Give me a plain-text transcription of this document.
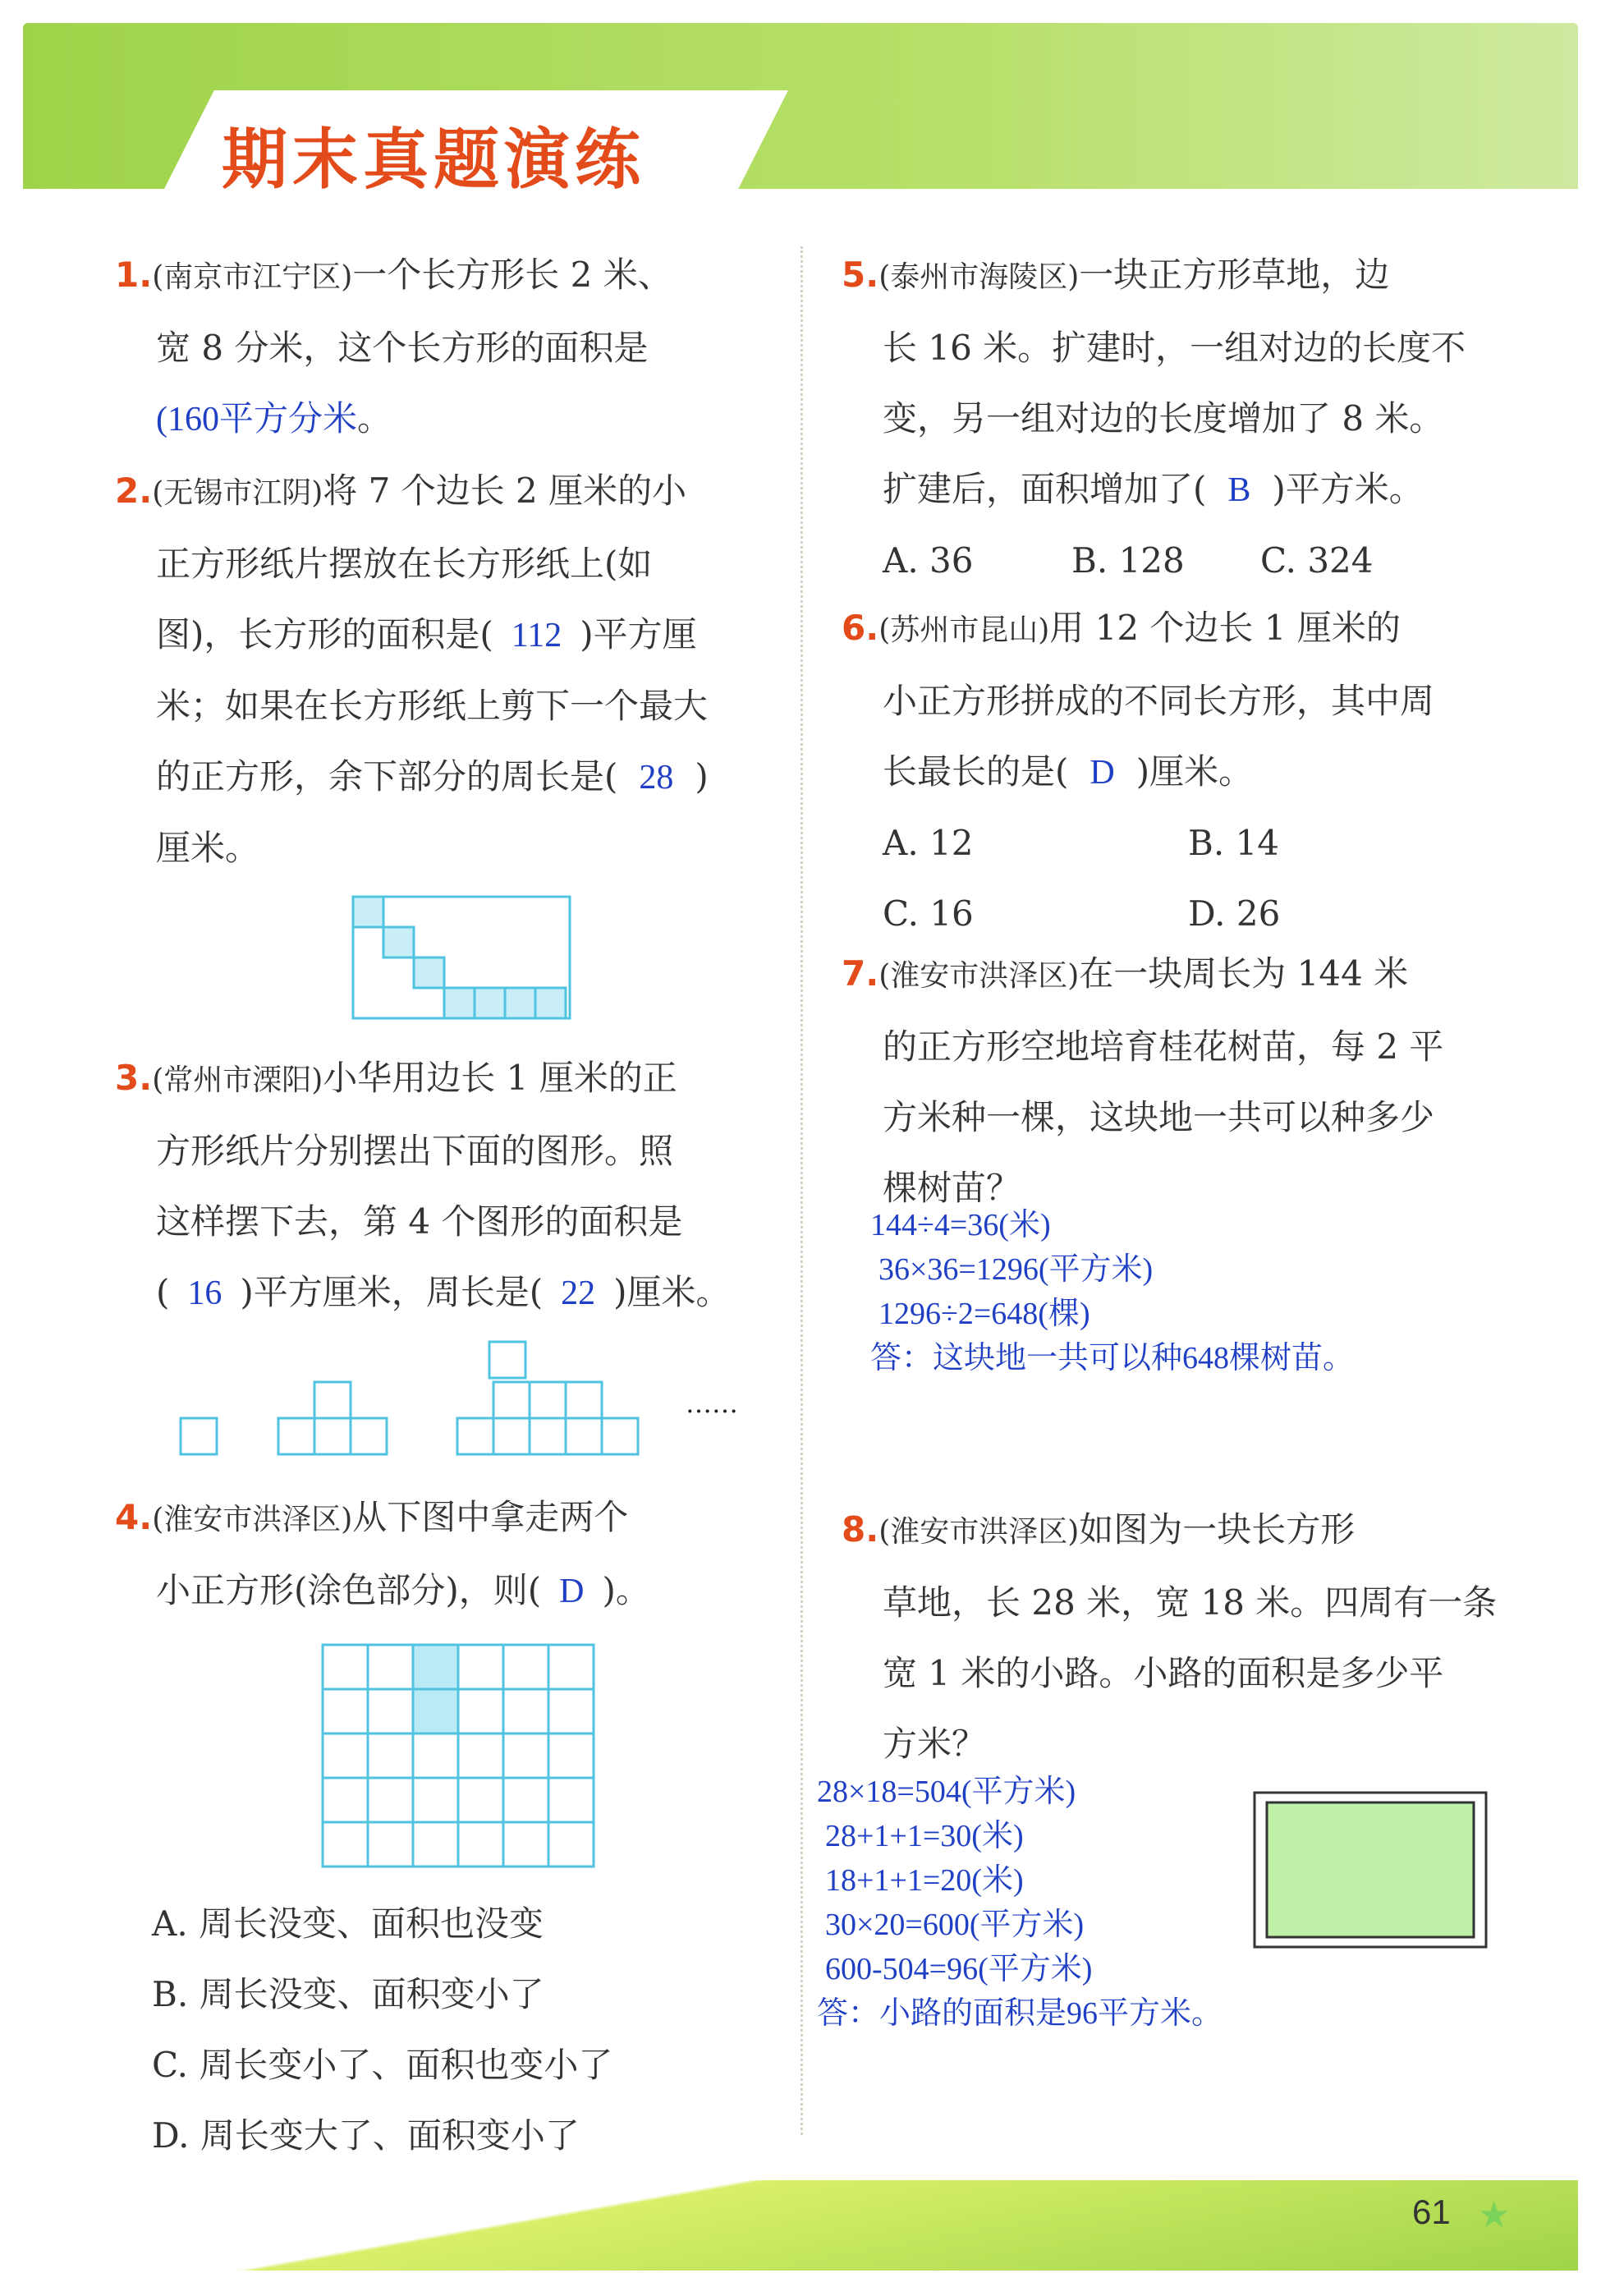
期末真题演练
1.(南京市江宁区)一个长方形长 2 米、
宽 8 分米，这个长方形的面积是
(160平方分米。
2.(无锡市江阴)将 7 个边长 2 厘米的小
正方形纸片摆放在长方形纸上(如
图)，长方形的面积是( 112 )平方厘
米；如果在长方形纸上剪下一个最大
的正方形，余下部分的周长是( 28 )
厘米。
3.(常州市溧阳)小华用边长 1 厘米的正
方形纸片分别摆出下面的图形。照
这样摆下去，第 4 个图形的面积是
( 16 )平方厘米，周长是( 22 )厘米。
……
4.(淮安市洪泽区)从下图中拿走两个
小正方形(涂色部分)，则( D )。
A. 周长没变、面积也没变
B. 周长没变、面积变小了
C. 周长变小了、面积也变小了
D. 周长变大了、面积变小了
5.(泰州市海陵区)一块正方形草地，边
长 16 米。扩建时，一组对边的长度不
变，另一组对边的长度增加了 8 米。
扩建后，面积增加了( B )平方米。
A. 36	B. 128	C. 324
6.(苏州市昆山)用 12 个边长 1 厘米的
小正方形拼成的不同长方形，其中周
长最长的是( D )厘米。
A. 12	B. 14
C. 16	D. 26
7.(淮安市洪泽区)在一块周长为 144 米
的正方形空地培育桂花树苗，每 2 平
方米种一棵，这块地一共可以种多少
棵树苗？
144÷4=36(米)
36×36=1296(平方米)
1296÷2=648(棵)
答：这块地一共可以种648棵树苗。
8.(淮安市洪泽区)如图为一块长方形
草地，长 28 米，宽 18 米。四周有一条
宽 1 米的小路。小路的面积是多少平
方米？
28×18=504(平方米)
28+1+1=30(米)
18+1+1=20(米)
30×20=600(平方米)
600-504=96(平方米)
答：小路的面积是96平方米。
61 ★
